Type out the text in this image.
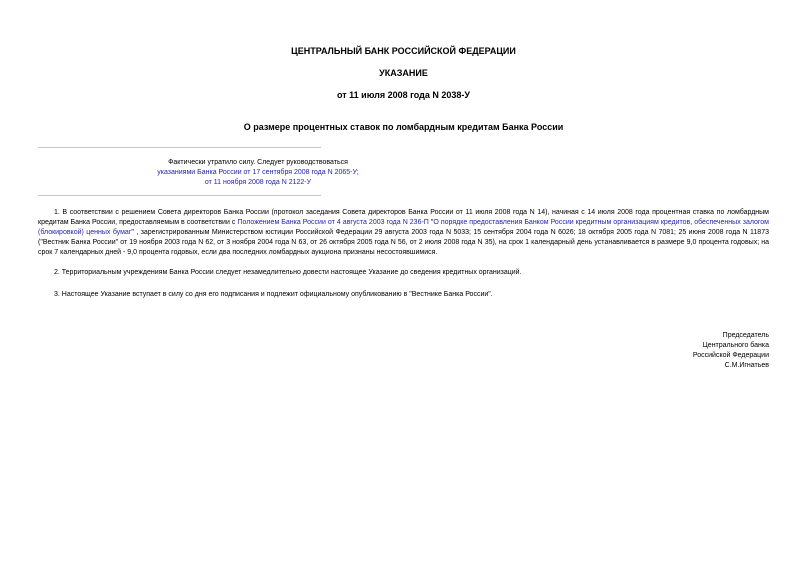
ЦЕНТРАЛЬНЫЙ БАНК РОССИЙСКОЙ ФЕДЕРАЦИИ
УКАЗАНИЕ
от 11 июля 2008 года N 2038-У
О размере процентных ставок по ломбардным кредитам Банка России
Фактически утратило силу. Следует руководствоваться
указаниями Банка России от 17 сентября 2008 года N 2065-У;
от 11 ноября 2008 года N 2122-У
1. В соответствии с решением Совета директоров Банка России (протокол заседания Совета директоров Банка России от 11 июля 2008 года N 14), начиная с 14 июля 2008 года процентная ставка по ломбардным кредитам Банка России, предоставляемым в соответствии с Положением Банка России от 4 августа 2003 года N 236-П "О порядке предоставления Банком России кредитным организациям кредитов, обеспеченных залогом (блокировкой) ценных бумаг" , зарегистрированным Министерством юстиции Российской Федерации 29 августа 2003 года N 5033; 15 сентября 2004 года N 6026; 18 октября 2005 года N 7081; 25 июня 2008 года N 11873 ("Вестник Банка России" от 19 ноября 2003 года N 62, от 3 ноября 2004 года N 63, от 26 октября 2005 года N 56, от 2 июля 2008 года N 35), на срок 1 календарный день устанавливается в размере 9,0 процента годовых; на срок 7 календарных дней - 9,0 процента годовых, если два последних ломбардных аукциона признаны несостоявшимися.
2. Территориальным учреждениям Банка России следует незамедлительно довести настоящее Указание до сведения кредитных организаций.
3. Настоящее Указание вступает в силу со дня его подписания и подлежит официальному опубликованию в "Вестнике Банка России".
Председатель
Центрального банка
Российской Федерации
С.М.Игнатьев
